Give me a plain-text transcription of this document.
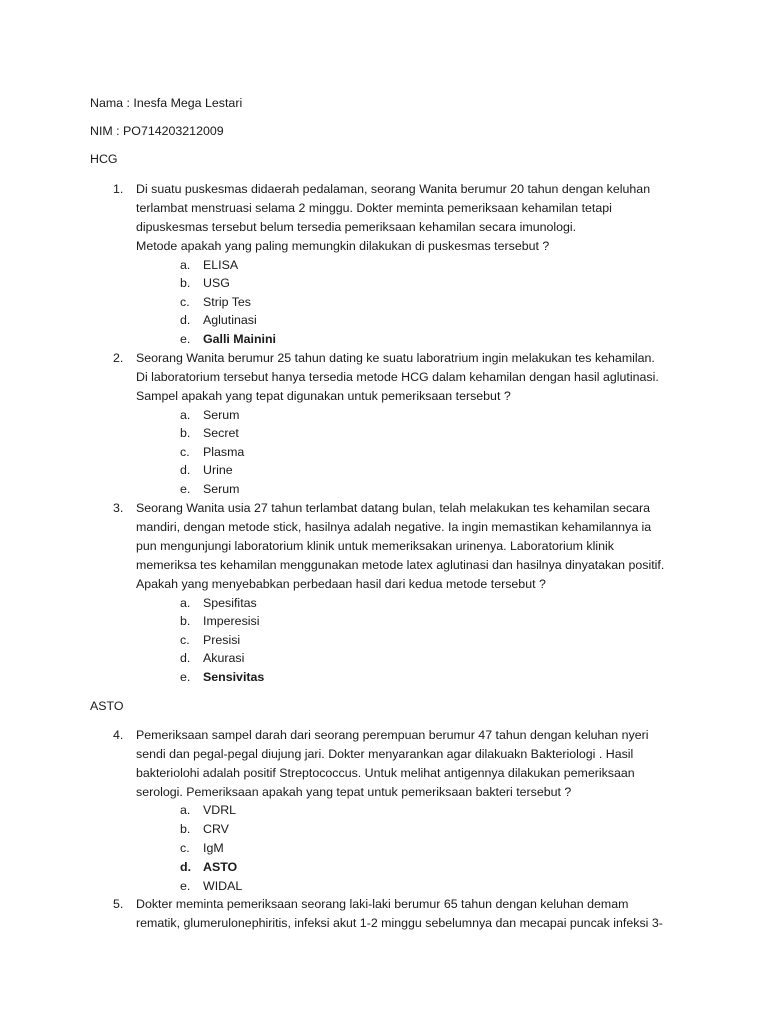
Nama : Inesfa Mega Lestari
NIM : PO714203212009
HCG
1. Di suatu puskesmas didaerah pedalaman, seorang Wanita berumur 20 tahun dengan keluhan
terlambat menstruasi selama 2 minggu. Dokter meminta pemeriksaan kehamilan tetapi
dipuskesmas tersebut belum tersedia pemeriksaan kehamilan secara imunologi.
Metode apakah yang paling memungkin dilakukan di puskesmas tersebut ?
a. ELISA
b. USG
c. Strip Tes
d. Aglutinasi
e. Galli Mainini
2. Seorang Wanita berumur 25 tahun dating ke suatu laboratrium ingin melakukan tes kehamilan.
Di laboratorium tersebut hanya tersedia metode HCG dalam kehamilan dengan hasil aglutinasi.
Sampel apakah yang tepat digunakan untuk pemeriksaan tersebut ?
a. Serum
b. Secret
c. Plasma
d. Urine
e. Serum
3. Seorang Wanita usia 27 tahun terlambat datang bulan, telah melakukan tes kehamilan secara
mandiri, dengan metode stick, hasilnya adalah negative. Ia ingin memastikan kehamilannya ia
pun mengunjungi laboratorium klinik untuk memeriksakan urinenya. Laboratorium klinik
memeriksa tes kehamilan menggunakan metode latex aglutinasi dan hasilnya dinyatakan positif.
Apakah yang menyebabkan perbedaan hasil dari kedua metode tersebut ?
a. Spesifitas
b. Imperesisi
c. Presisi
d. Akurasi
e. Sensivitas
ASTO
4. Pemeriksaan sampel darah dari seorang perempuan berumur 47 tahun dengan keluhan nyeri
sendi dan pegal-pegal diujung jari. Dokter menyarankan agar dilakuakn Bakteriologi . Hasil
bakteriolohi adalah positif Streptococcus. Untuk melihat antigennya dilakukan pemeriksaan
serologi. Pemeriksaan apakah yang tepat untuk pemeriksaan bakteri tersebut ?
a. VDRL
b. CRV
c. IgM
d. ASTO
e. WIDAL
5. Dokter meminta pemeriksaan seorang laki-laki berumur 65 tahun dengan keluhan demam
rematik, glumerulonephiritis, infeksi akut 1-2 minggu sebelumnya dan mecapai puncak infeksi 3-
